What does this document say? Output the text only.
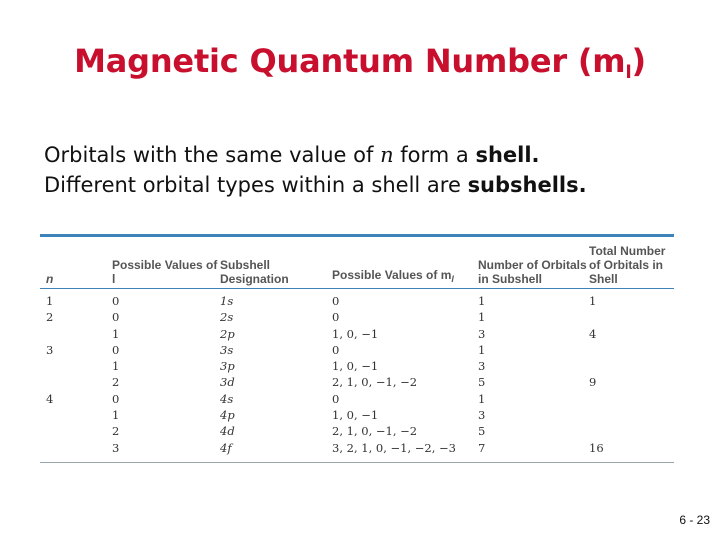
Magnetic Quantum Number $(m_l)$
Orbitals with the same value of n form a shell.
Different orbital types within a shell are subshells.
n	Possible Values of l	Subshell Designation	Possible Values of $m_l$	Number of Orbitals in Subshell	Total Number of Orbitals in Shell
1	0	1s	0	1	1
2	0	2s	0	1	
	1	2p	1, 0, −1	3	4
3	0	3s	0	1	
	1	3p	1, 0, −1	3	
	2	3d	2, 1, 0, −1, −2	5	9
4	0	4s	0	1	
	1	4p	1, 0, −1	3	
	2	4d	2, 1, 0, −1, −2	5	
	3	4f	3, 2, 1, 0, −1, −2, −3	7	16
6 - 23
